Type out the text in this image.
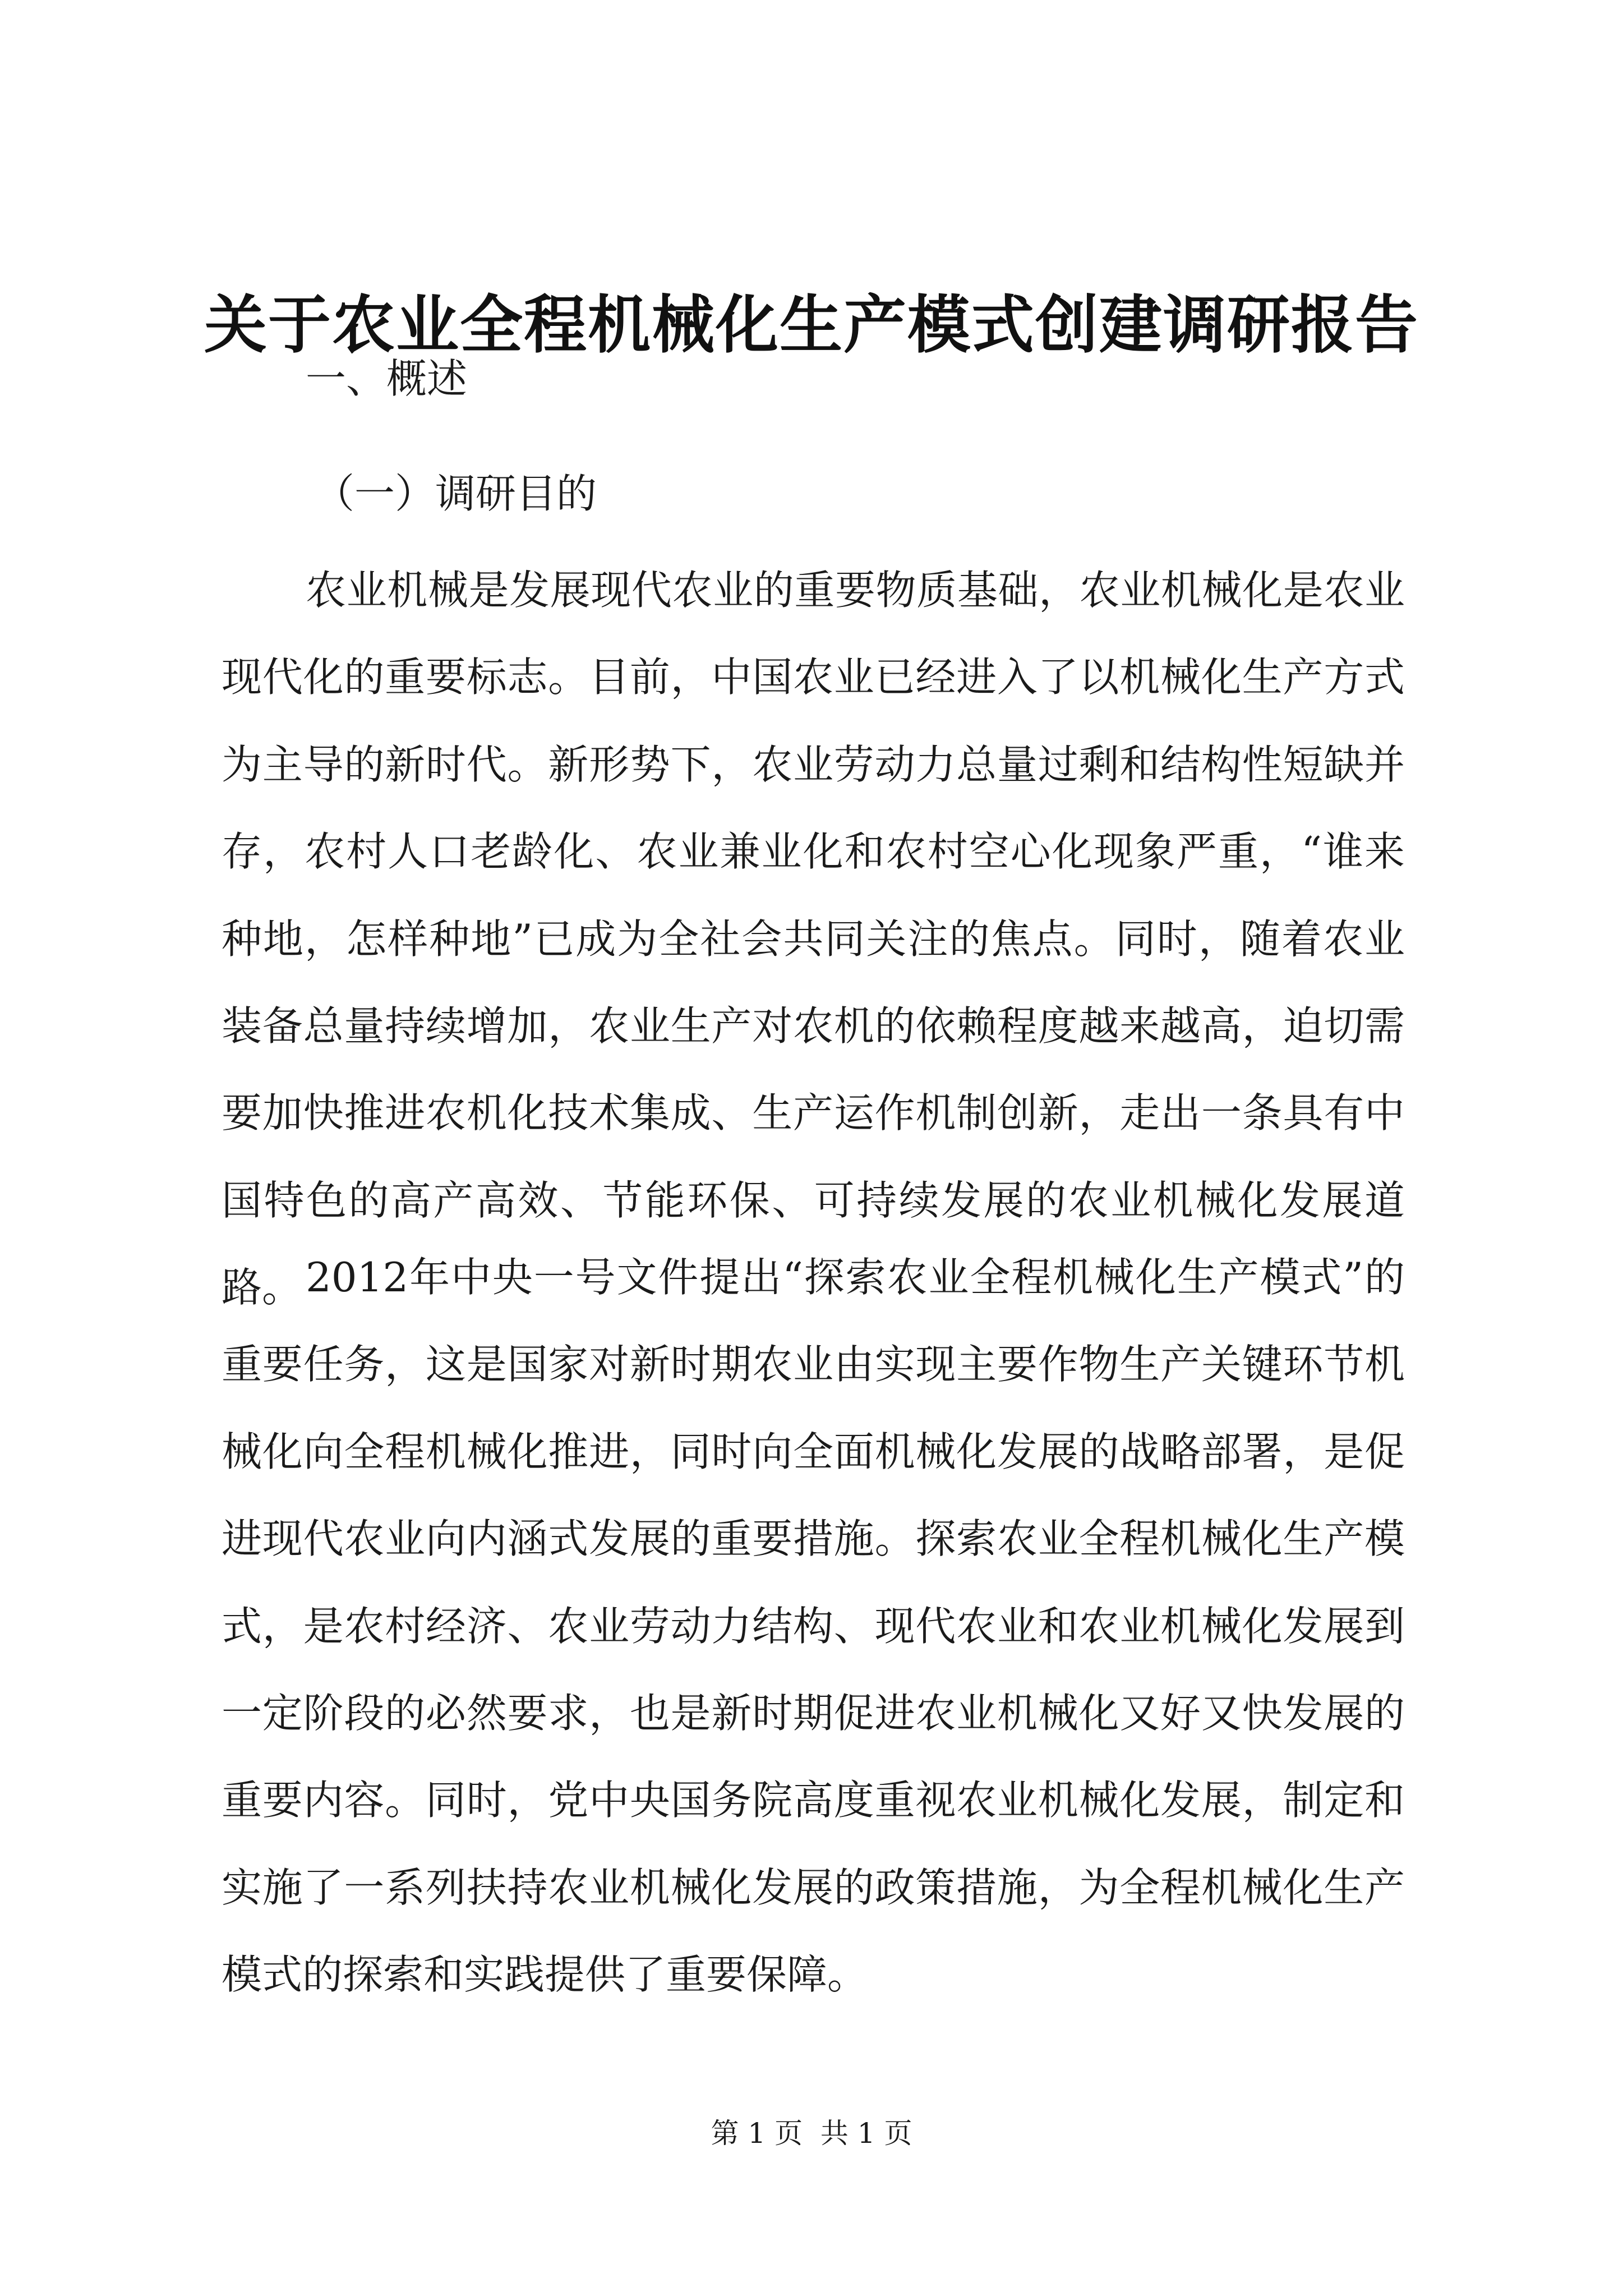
关于农业全程机械化生产模式创建调研报告
一、概述
（一）调研目的

农业机械是发展现代农业的重要物质基础，农业机械化是农业现代化的重要标志。目前，中国农业已经进入了以机械化生产方式为主导的新时代。新形势下，农业劳动力总量过剩和结构性短缺并存，农村人口老龄化、农业兼业化和农村空心化现象严重，“谁来种地，怎样种地”已成为全社会共同关注的焦点。同时，随着农业装备总量持续增加，农业生产对农机的依赖程度越来越高，迫切需要加快推进农机化技术集成、生产运作机制创新，走出一条具有中国特色的高产高效、节能环保、可持续发展的农业机械化发展道路。 2012年中央一号文件提出“探索农业全程机械化生产模式”的重要任务，这是国家对新时期农业由实现主要作物生产关键环节机械化向全程机械化推进，同时向全面机械化发展的战略部署，是促进现代农业向内涵式发展的重要措施。探索农业全程机械化生产模式，是农村经济、农业劳动力结构、现代农业和农业机械化发展到一定阶段的必然要求，也是新时期促进农业机械化又好又快发展的重要内容。同时，党中央国务院高度重视农业机械化发展，制定和实施了一系列扶持农业机械化发展的政策措施，为全程机械化生产模式的探索和实践提供了重要保障。

第 1 页  共 1 页
